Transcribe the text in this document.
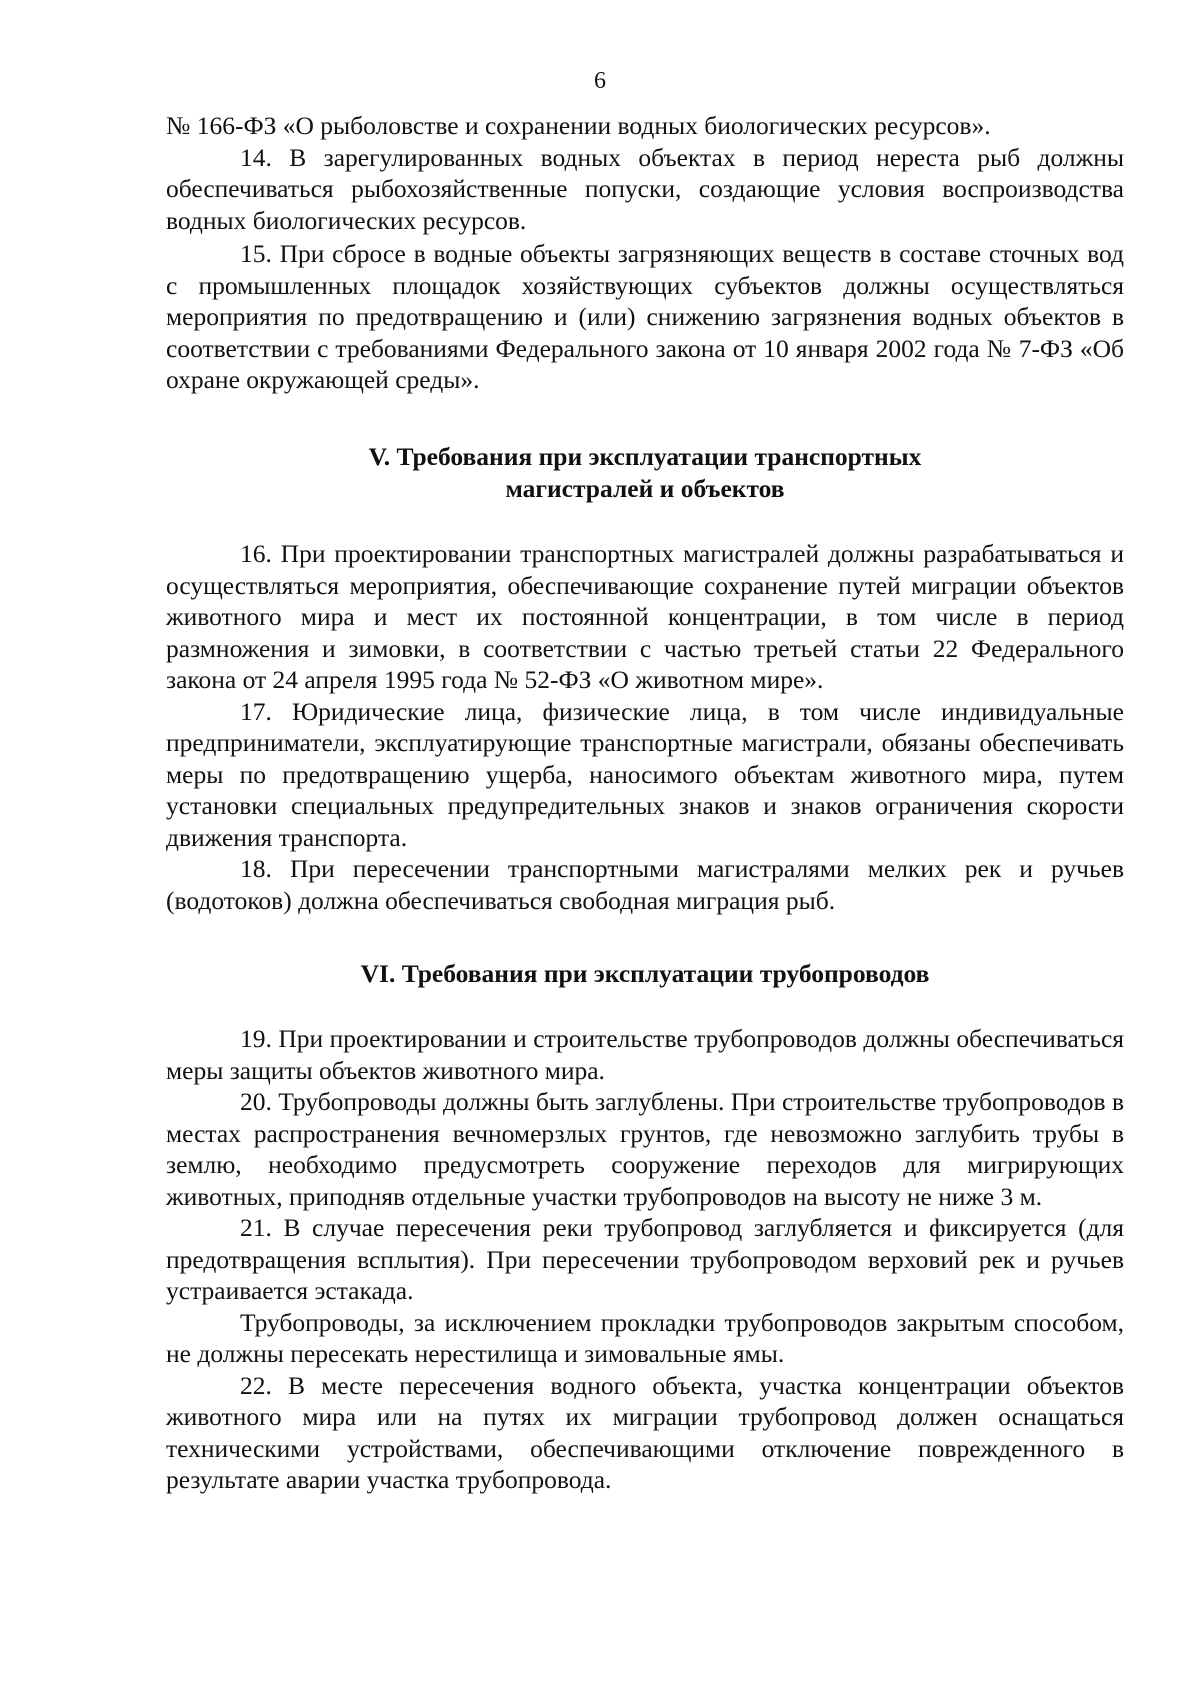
6

№ 166-ФЗ «О рыболовстве и сохранении водных биологических ресурсов».

14. В зарегулированных водных объектах в период нереста рыб должны обеспечиваться рыбохозяйственные попуски, создающие условия воспроизводства водных биологических ресурсов.

15. При сбросе в водные объекты загрязняющих веществ в составе сточных вод с промышленных площадок хозяйствующих субъектов должны осуществляться мероприятия по предотвращению и (или) снижению загрязнения водных объектов в соответствии с требованиями Федерального закона от 10 января 2002 года № 7-ФЗ «Об охране окружающей среды».

V. Требования при эксплуатации транспортных

магистралей и объектов

16. При проектировании транспортных магистралей должны разрабатываться и осуществляться мероприятия, обеспечивающие сохранение путей миграции объектов животного мира и мест их постоянной концентрации, в том числе в период размножения и зимовки, в соответствии с частью третьей статьи 22 Федерального закона от 24 апреля 1995 года № 52-ФЗ «О животном мире».

17. Юридические лица, физические лица, в том числе индивидуальные предприниматели, эксплуатирующие транспортные магистрали, обязаны обеспечивать меры по предотвращению ущерба, наносимого объектам животного мира, путем установки специальных предупредительных знаков и знаков ограничения скорости движения транспорта.

18. При пересечении транспортными магистралями мелких рек и ручьев (водотоков) должна обеспечиваться свободная миграция рыб.

VI. Требования при эксплуатации трубопроводов

19. При проектировании и строительстве трубопроводов должны обеспечиваться меры защиты объектов животного мира.

20. Трубопроводы должны быть заглублены. При строительстве трубопроводов в местах распространения вечномерзлых грунтов, где невозможно заглубить трубы в землю, необходимо предусмотреть сооружение переходов для мигрирующих животных, приподняв отдельные участки трубопроводов на высоту не ниже 3 м.

21. В случае пересечения реки трубопровод заглубляется и фиксируется (для предотвращения всплытия). При пересечении трубопроводом верховий рек и ручьев устраивается эстакада.

Трубопроводы, за исключением прокладки трубопроводов закрытым способом, не должны пересекать нерестилища и зимовальные ямы.

22. В месте пересечения водного объекта, участка концентрации объектов животного мира или на путях их миграции трубопровод должен оснащаться техническими устройствами, обеспечивающими отключение поврежденного в результате аварии участка трубопровода.
